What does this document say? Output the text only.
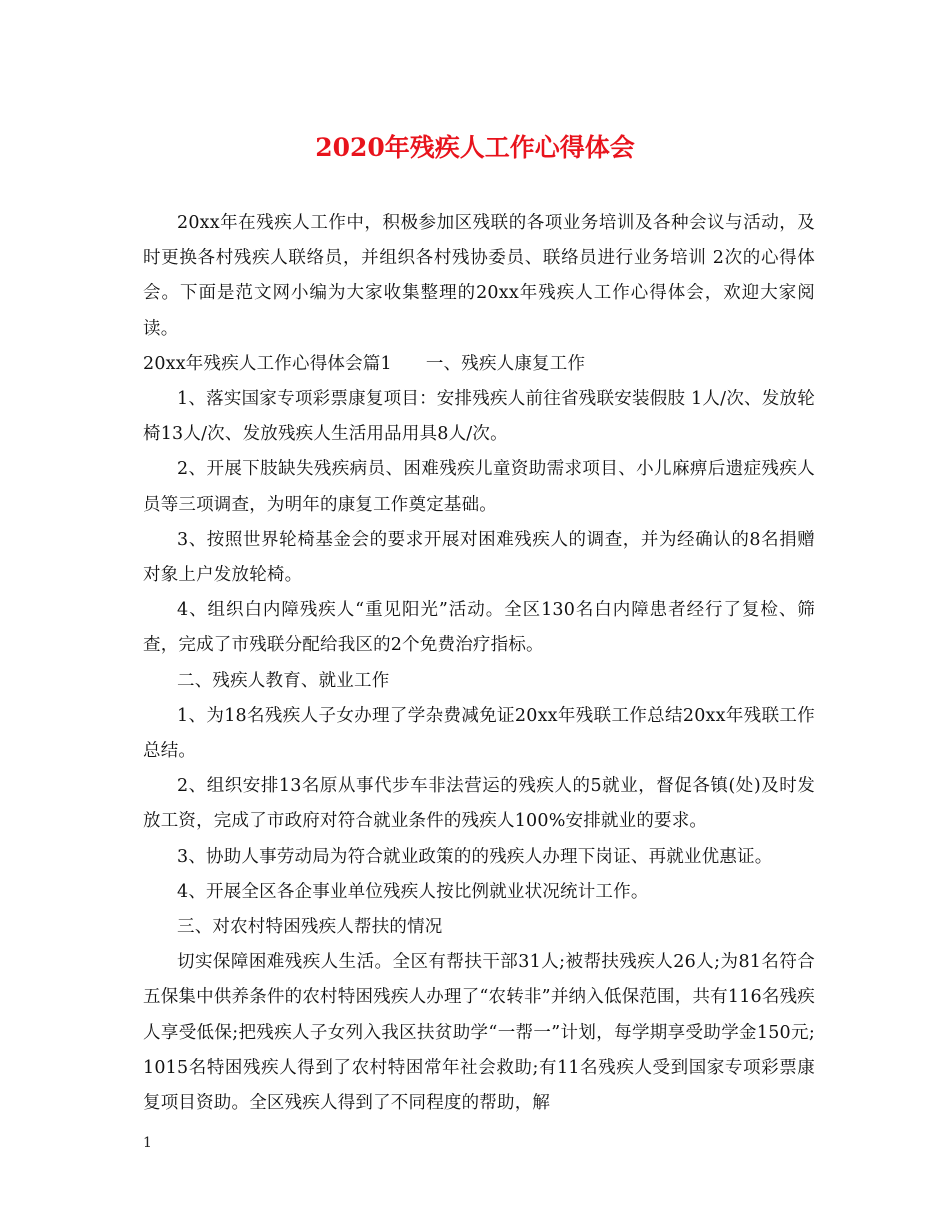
2020年残疾人工作心得体会

20xx年在残疾人工作中，积极参加区残联的各项业务培训及各种会议与活动，及时更换各村残疾人联络员，并组织各村残协委员、联络员进行业务培训 2次的心得体会。下面是范文网小编为大家收集整理的20xx年残疾人工作心得体会，欢迎大家阅读。

20xx年残疾人工作心得体会篇1 一、残疾人康复工作

1、落实国家专项彩票康复项目：安排残疾人前往省残联安装假肢 1人/次、发放轮椅13人/次、发放残疾人生活用品用具8人/次。

2、开展下肢缺失残疾病员、困难残疾儿童资助需求项目、小儿麻痹后遗症残疾人员等三项调查，为明年的康复工作奠定基础。

3、按照世界轮椅基金会的要求开展对困难残疾人的调查，并为经确认的8名捐赠对象上户发放轮椅。

4、组织白内障残疾人“重见阳光”活动。全区130名白内障患者经行了复检、筛查，完成了市残联分配给我区的2个免费治疗指标。

二、残疾人教育、就业工作

1、为18名残疾人子女办理了学杂费减免证20xx年残联工作总结20xx年残联工作总结。

2、组织安排13名原从事代步车非法营运的残疾人的5就业，督促各镇(处)及时发放工资，完成了市政府对符合就业条件的残疾人100%安排就业的要求。

3、协助人事劳动局为符合就业政策的的残疾人办理下岗证、再就业优惠证。

4、开展全区各企事业单位残疾人按比例就业状况统计工作。

三、对农村特困残疾人帮扶的情况

切实保障困难残疾人生活。全区有帮扶干部31人;被帮扶残疾人26人;为81名符合五保集中供养条件的农村特困残疾人办理了“农转非”并纳入低保范围，共有116名残疾人享受低保;把残疾人子女列入我区扶贫助学“一帮一”计划，每学期享受助学金150元;1015名特困残疾人得到了农村特困常年社会救助;有11名残疾人受到国家专项彩票康复项目资助。全区残疾人得到了不同程度的帮助，解

1
